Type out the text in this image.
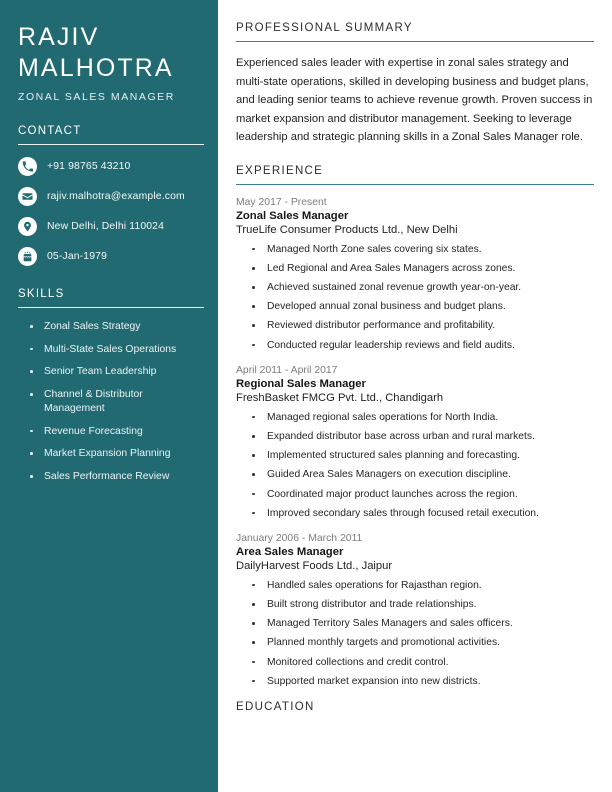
RAJIV
MALHOTRA
ZONAL SALES MANAGER
CONTACT
+91 98765 43210
rajiv.malhotra@example.com
New Delhi, Delhi 110024
05-Jan-1979
SKILLS
Zonal Sales Strategy
Multi-State Sales Operations
Senior Team Leadership
Channel & Distributor Management
Revenue Forecasting
Market Expansion Planning
Sales Performance Review
PROFESSIONAL SUMMARY

Experienced sales leader with expertise in zonal sales strategy and multi-state operations, skilled in developing business and budget plans, and leading senior teams to achieve revenue growth. Proven success in market expansion and distributor management. Seeking to leverage leadership and strategic planning skills in a Zonal Sales Manager role.

EXPERIENCE
May 2017 - Present
Zonal Sales Manager
TrueLife Consumer Products Ltd., New Delhi
Managed North Zone sales covering six states.
Led Regional and Area Sales Managers across zones.
Achieved sustained zonal revenue growth year-on-year.
Developed annual zonal business and budget plans.
Reviewed distributor performance and profitability.
Conducted regular leadership reviews and field audits.
April 2011 - April 2017
Regional Sales Manager
FreshBasket FMCG Pvt. Ltd., Chandigarh
Managed regional sales operations for North India.
Expanded distributor base across urban and rural markets.
Implemented structured sales planning and forecasting.
Guided Area Sales Managers on execution discipline.
Coordinated major product launches across the region.
Improved secondary sales through focused retail execution.
January 2006 - March 2011
Area Sales Manager
DailyHarvest Foods Ltd., Jaipur
Handled sales operations for Rajasthan region.
Built strong distributor and trade relationships.
Managed Territory Sales Managers and sales officers.
Planned monthly targets and promotional activities.
Monitored collections and credit control.
Supported market expansion into new districts.
EDUCATION
